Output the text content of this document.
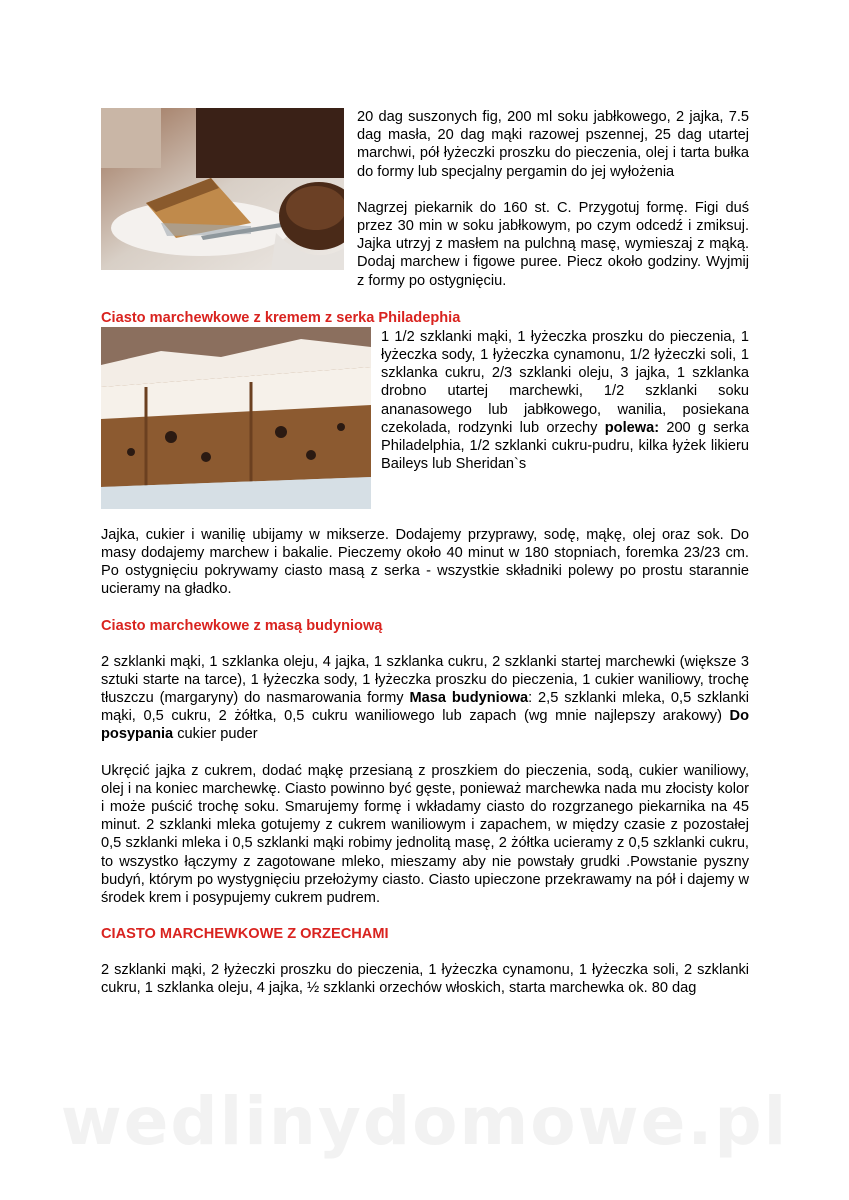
20 dag suszonych fig, 200 ml soku jabłkowego, 2 jajka, 7.5 dag masła, 20 dag mąki razowej pszennej, 25 dag utartej marchwi, pół łyżeczki proszku do pieczenia, olej i tarta bułka do formy lub specjalny pergamin do jej wyłożenia

Nagrzej piekarnik do 160 st. C. Przygotuj formę. Figi duś przez 30 min w soku jabłkowym, po czym odcedź i zmiksuj. Jajka utrzyj z masłem na pulchną masę, wymieszaj z mąką. Dodaj marchew i figowe puree. Piecz około godziny. Wyjmij z formy po ostygnięciu.

Ciasto marchewkowe z kremem z serka Philadephia

1 1/2 szklanki mąki, 1 łyżeczka proszku do pieczenia, 1 łyżeczka sody, 1 łyżeczka cynamonu, 1/2 łyżeczki soli, 1 szklanka cukru, 2/3 szklanki oleju, 3 jajka, 1 szklanka drobno utartej marchewki, 1/2 szklanki soku ananasowego lub jabłkowego, wanilia, posiekana czekolada, rodzynki lub orzechy polewa: 200 g serka Philadelphia, 1/2 szklanki cukru-pudru, kilka łyżek likieru Baileys lub Sheridan`s

Jajka, cukier i wanilię ubijamy w mikserze. Dodajemy przyprawy, sodę, mąkę, olej oraz sok. Do masy dodajemy marchew i bakalie. Pieczemy około 40 minut w 180 stopniach, foremka 23/23 cm. Po ostygnięciu pokrywamy ciasto masą z serka - wszystkie składniki polewy po prostu starannie ucieramy na gładko.

Ciasto marchewkowe z masą budyniową

2 szklanki mąki, 1 szklanka oleju, 4 jajka, 1 szklanka cukru, 2 szklanki startej marchewki (większe 3 sztuki starte na tarce), 1 łyżeczka sody, 1 łyżeczka proszku do pieczenia, 1 cukier waniliowy, trochę tłuszczu (margaryny) do nasmarowania formy Masa budyniowa: 2,5 szklanki mleka, 0,5 szklanki mąki, 0,5 cukru, 2 żółtka, 0,5 cukru waniliowego lub zapach (wg mnie najlepszy arakowy) Do posypania cukier puder

Ukręcić jajka z cukrem, dodać mąkę przesianą z proszkiem do pieczenia, sodą, cukier waniliowy, olej i na koniec marchewkę. Ciasto powinno być gęste, ponieważ marchewka nada mu złocisty kolor i może puścić trochę soku. Smarujemy formę i wkładamy ciasto do rozgrzanego piekarnika na 45 minut. 2 szklanki mleka gotujemy z cukrem waniliowym i zapachem, w między czasie z pozostałej 0,5 szklanki mleka i 0,5 szklanki mąki robimy jednolitą masę, 2 żółtka ucieramy z 0,5 szklanki cukru, to wszystko łączymy z zagotowane mleko, mieszamy aby nie powstały grudki .Powstanie pyszny budyń, którym po wystygnięciu przełożymy ciasto. Ciasto upieczone przekrawamy na pół i dajemy w środek krem i posypujemy cukrem pudrem.

CIASTO MARCHEWKOWE Z ORZECHAMI

2 szklanki mąki, 2 łyżeczki proszku do pieczenia, 1 łyżeczka cynamonu, 1 łyżeczka soli, 2 szklanki cukru, 1 szklanka oleju, 4 jajka, ½ szklanki orzechów włoskich, starta marchewka ok. 80 dag

wedlinydomowe.pl
